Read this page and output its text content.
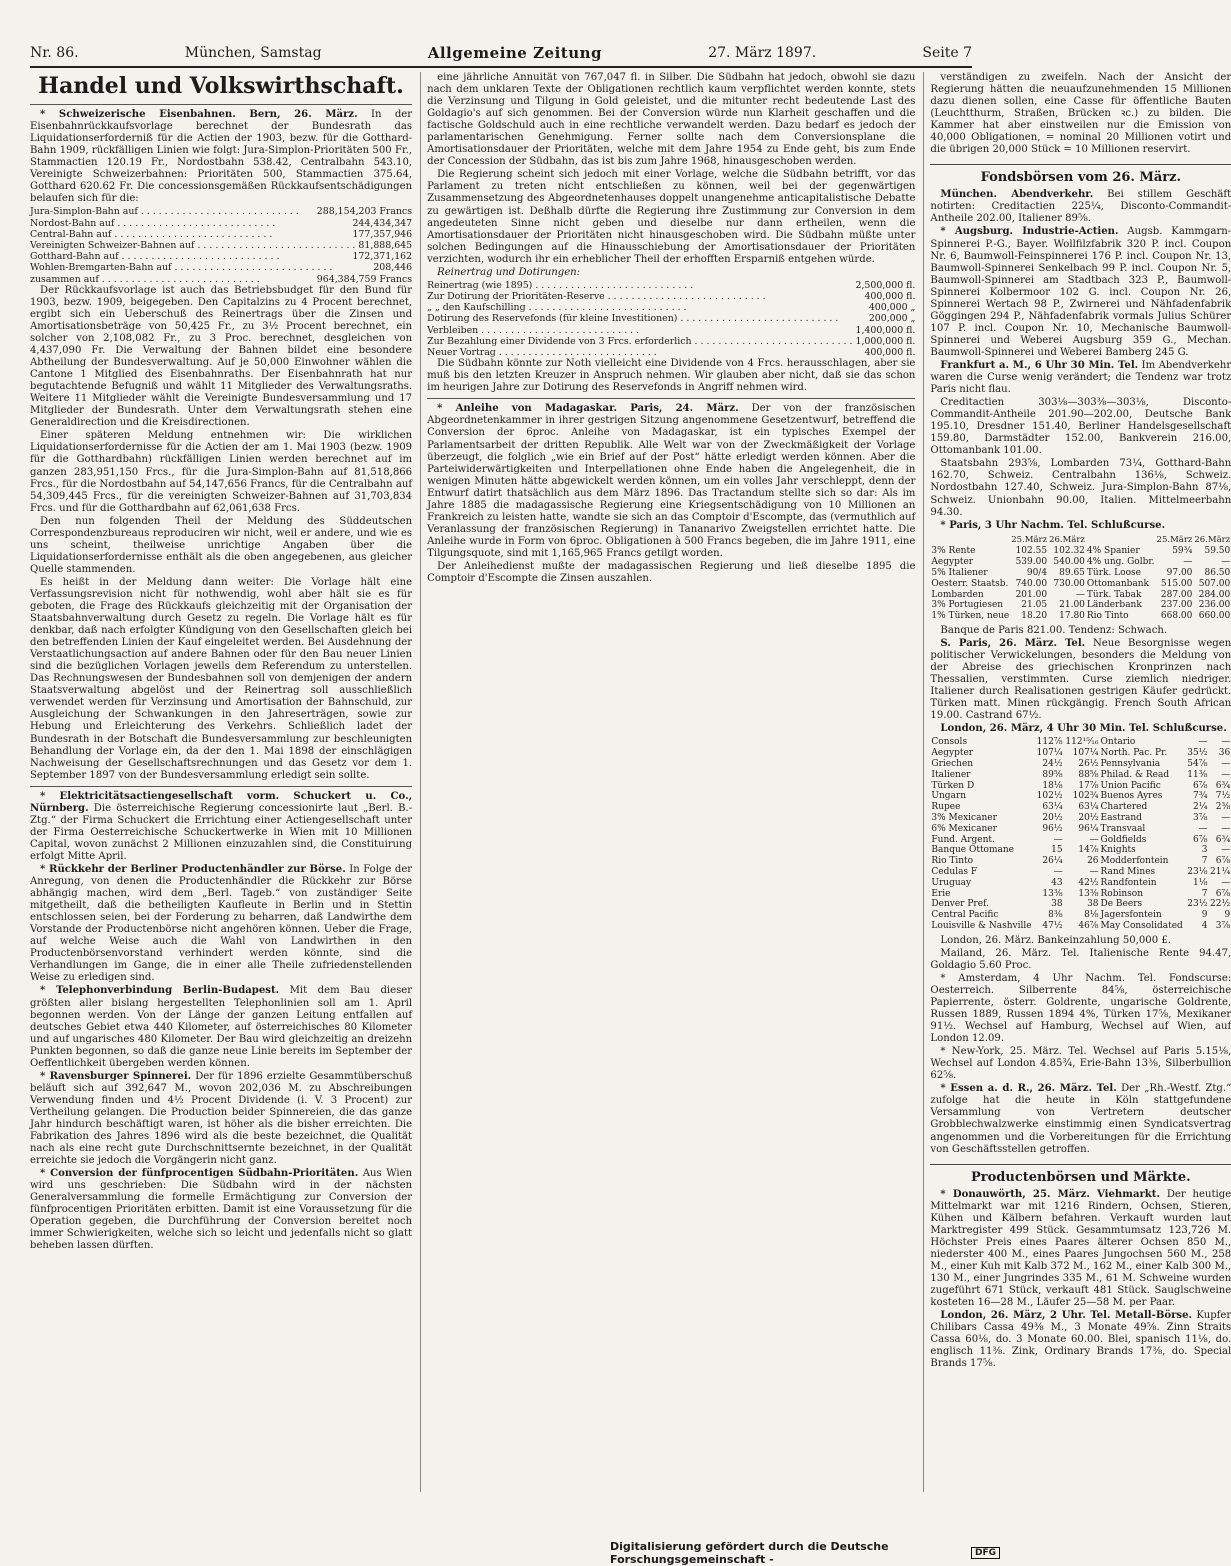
Nr. 86.	München, Samstag	Allgemeine Zeitung	27. März 1897.	Seite 7
Handel und Volkswirthschaft.

* Schweizerische Eisenbahnen. Bern, 26. März. In der Eisenbahnrückkaufsvorlage berechnet der Bundesrath das Liquidationserforderniß für die Actien der 1903, bezw. für die Gotthard-Bahn 1909, rückfälligen Linien wie folgt: Jura-Simplon-Prioritäten 500 Fr., Stammactien 120.19 Fr., Nordostbahn 538.42, Centralbahn 543.10, Vereinigte Schweizerbahnen: Prioritäten 500, Stammactien 375.64, Gotthard 620.62 Fr. Die concessionsgemäßen Rückkaufsentschädigungen belaufen sich für die:

Jura-Simplon-Bahn auf . . . . . . . . . . . . . . . . . . . . . . . . . . .	288,154,203 Francs
Nordost-Bahn auf . . . . . . . . . . . . . . . . . . . . . . . . . . .	244,434,347
Central-Bahn auf . . . . . . . . . . . . . . . . . . . . . . . . . . .	177,357,946
Vereinigten Schweizer-Bahnen auf . . . . . . . . . . . . . . . . . . . . . . . . . . . 81,888,645
Gotthard-Bahn auf . . . . . . . . . . . . . . . . . . . . . . . . . . .	172,371,162
Wohlen-Bremgarten-Bahn auf . . . . . . . . . . . . . . . . . . . . . . . . . . .	208,446
zusammen auf . . . . . . . . . . . . . . . . . . . . . . . . . . .	964,384,759 Francs

Der Rückkaufsvorlage ist auch das Betriebsbudget für den Bund für 1903, bezw. 1909, beigegeben. Den Capitalzins zu 4 Procent berechnet, ergibt sich ein Ueberschuß des Reinertrags über die Zinsen und Amortisationsbeträge von 50,425 Fr., zu 3½ Procent berechnet, ein solcher von 2,108,082 Fr., zu 3 Proc. berechnet, desgleichen von 4,437,090 Fr. Die Verwaltung der Bahnen bildet eine besondere Abtheilung der Bundesverwaltung. Auf je 50,000 Einwohner wählen die Cantone 1 Mitglied des Eisenbahnraths. Der Eisenbahnrath hat nur begutachtende Befugniß und wählt 11 Mitglieder des Verwaltungsraths. Weitere 11 Mitglieder wählt die Vereinigte Bundesversammlung und 17 Mitglieder der Bundesrath. Unter dem Verwaltungsrath stehen eine Generaldirection und die Kreisdirectionen.

Einer späteren Meldung entnehmen wir: Die wirklichen Liquidationserfordernisse für die Actien der am 1. Mai 1903 (bezw. 1909 für die Gotthardbahn) rückfälligen Linien werden berechnet auf im ganzen 283,951,150 Frcs., für die Jura-Simplon-Bahn auf 81,518,866 Frcs., für die Nordostbahn auf 54,147,656 Francs, für die Centralbahn auf 54,309,445 Frcs., für die vereinigten Schweizer-Bahnen auf 31,703,834 Frcs. und für die Gotthardbahn auf 62,061,638 Frcs.

Den nun folgenden Theil der Meldung des Süddeutschen Correspondenzbureaus reproduciren wir nicht, weil er andere, und wie es uns scheint, theilweise unrichtige Angaben über die Liquidationserfordernisse enthält als die oben angegebenen, aus gleicher Quelle stammenden.

Es heißt in der Meldung dann weiter: Die Vorlage hält eine Verfassungsrevision nicht für nothwendig, wohl aber hält sie es für geboten, die Frage des Rückkaufs gleichzeitig mit der Organisation der Staatsbahnverwaltung durch Gesetz zu regeln. Die Vorlage hält es für denkbar, daß nach erfolgter Kündigung von den Gesellschaften gleich bei den betreffenden Linien der Kauf eingeleitet werden. Bei Ausdehnung der Verstaatlichungsaction auf andere Bahnen oder für den Bau neuer Linien sind die bezüglichen Vorlagen jeweils dem Referendum zu unterstellen. Das Rechnungswesen der Bundesbahnen soll von demjenigen der andern Staatsverwaltung abgelöst und der Reinertrag soll ausschließlich verwendet werden für Verzinsung und Amortisation der Bahnschuld, zur Ausgleichung der Schwankungen in den Jahreserträgen, sowie zur Hebung und Erleichterung des Verkehrs. Schließlich ladet der Bundesrath in der Botschaft die Bundesversammlung zur beschleunigten Behandlung der Vorlage ein, da der den 1. Mai 1898 der einschlägigen Nachweisung der Gesellschaftsrechnungen und das Gesetz vor dem 1. September 1897 von der Bundesversammlung erledigt sein sollte.

* Elektricitätsactiengesellschaft vorm. Schuckert u. Co., Nürnberg. Die österreichische Regierung concessionirte laut „Berl. B.-Ztg.“ der Firma Schuckert die Errichtung einer Actiengesellschaft unter der Firma Oesterreichische Schuckertwerke in Wien mit 10 Millionen Capital, wovon zunächst 2 Millionen einzuzahlen sind, die Constituirung erfolgt Mitte April.

* Rückkehr der Berliner Productenhändler zur Börse. In Folge der Anregung, von denen die Productenhändler die Rückkehr zur Börse abhängig machen, wird dem „Berl. Tageb.“ von zuständiger Seite mitgetheilt, daß die betheiligten Kaufleute in Berlin und in Stettin entschlossen seien, bei der Forderung zu beharren, daß Landwirthe dem Vorstande der Productenbörse nicht angehören können. Ueber die Frage, auf welche Weise auch die Wahl von Landwirthen in den Productenbörsenvorstand verhindert werden könnte, sind die Verhandlungen im Gange, die in einer alle Theile zufriedenstellenden Weise zu erledigen sind.

* Telephonverbindung Berlin-Budapest. Mit dem Bau dieser größten aller bislang hergestellten Telephonlinien soll am 1. April begonnen werden. Von der Länge der ganzen Leitung entfallen auf deutsches Gebiet etwa 440 Kilometer, auf österreichisches 80 Kilometer und auf ungarisches 480 Kilometer. Der Bau wird gleichzeitig an dreizehn Punkten begonnen, so daß die ganze neue Linie bereits im September der Oeffentlichkeit übergeben werden können.

* Ravensburger Spinnerei. Der für 1896 erzielte Gesammtüberschuß beläuft sich auf 392,647 M., wovon 202,036 M. zu Abschreibungen Verwendung finden und 4½ Procent Dividende (i. V. 3 Procent) zur Vertheilung gelangen. Die Production beider Spinnereien, die das ganze Jahr hindurch beschäftigt waren, ist höher als die bisher erreichten. Die Fabrikation des Jahres 1896 wird als die beste bezeichnet, die Qualität nach als eine recht gute Durchschnittsernte bezeichnet, in der Qualität erreichte sie jedoch die Vorgängerin nicht ganz.

* Conversion der fünfprocentigen Südbahn-Prioritäten. Aus Wien wird uns geschrieben: Die Südbahn wird in der nächsten Generalversammlung die formelle Ermächtigung zur Conversion der fünfprocentigen Prioritäten erbitten. Damit ist eine Voraussetzung für die Operation gegeben, die Durchführung der Conversion bereitet noch immer Schwierigkeiten, welche sich so leicht und jedenfalls nicht so glatt beheben lassen dürften.

eine jährliche Annuität von 767,047 fl. in Silber. Die Südbahn hat jedoch, obwohl sie dazu nach dem unklaren Texte der Obligationen rechtlich kaum verpflichtet werden konnte, stets die Verzinsung und Tilgung in Gold geleistet, und die mitunter recht bedeutende Last des Goldagio's auf sich genommen. Bei der Conversion würde nun Klarheit geschaffen und die factische Goldschuld auch in eine rechtliche verwandelt werden. Dazu bedarf es jedoch der parlamentarischen Genehmigung. Ferner sollte nach dem Conversionsplane die Amortisationsdauer der Prioritäten, welche mit dem Jahre 1954 zu Ende geht, bis zum Ende der Concession der Südbahn, das ist bis zum Jahre 1968, hinausgeschoben werden.

Die Regierung scheint sich jedoch mit einer Vorlage, welche die Südbahn betrifft, vor das Parlament zu treten nicht entschließen zu können, weil bei der gegenwärtigen Zusammensetzung des Abgeordnetenhauses doppelt unangenehme anticapitalistische Debatte zu gewärtigen ist. Deßhalb dürfte die Regierung ihre Zustimmung zur Conversion in dem angedeuteten Sinne nicht geben und dieselbe nur dann ertheilen, wenn die Amortisationsdauer der Prioritäten nicht hinausgeschoben wird. Die Südbahn müßte unter solchen Bedingungen auf die Hinausschiebung der Amortisationsdauer der Prioritäten verzichten, wodurch ihr ein erheblicher Theil der erhofften Ersparniß entgehen würde.

Reinertrag und Dotirungen:

Reinertrag (wie 1895) . . . . . . . . . . . . . . . . . . . . . . . . . . .	2,500,000 fl.
Zur Dotirung der Prioritäten-Reserve . . . . . . . . . . . . . . . . . . . . . . . . . . .	400,000 fl.
„ „ den Kaufschilling . . . . . . . . . . . . . . . . . . . . . . . . . . .	400,000 „
Dotirung des Reservefonds (für kleine Investitionen) . . . . . . . . . . . . . . . . . . . . . . . . . . .	200,000 „
Verbleiben . . . . . . . . . . . . . . . . . . . . . . . . . . .	1,400,000 fl.
Zur Bezahlung einer Dividende von 3 Frcs. erforderlich . . . . . . . . . . . . . . . . . . . . . . . . . . . 1,000,000 fl.
Neuer Vortrag . . . . . . . . . . . . . . . . . . . . . . . . . . .	400,000 fl.

Die Südbahn könnte zur Noth vielleicht eine Dividende von 4 Frcs. herausschlagen, aber sie muß bis den letzten Kreuzer in Anspruch nehmen. Wir glauben aber nicht, daß sie das schon im heurigen Jahre zur Dotirung des Reservefonds in Angriff nehmen wird.

* Anleihe von Madagaskar. Paris, 24. März. Der von der französischen Abgeordnetenkammer in ihrer gestrigen Sitzung angenommene Gesetzentwurf, betreffend die Conversion der 6proc. Anleihe von Madagaskar, ist ein typisches Exempel der Parlamentsarbeit der dritten Republik. Alle Welt war von der Zweckmäßigkeit der Vorlage überzeugt, die folglich „wie ein Brief auf der Post“ hätte erledigt werden können. Aber die Parteiwiderwärtigkeiten und Interpellationen ohne Ende haben die Angelegenheit, die in wenigen Minuten hätte abgewickelt werden können, um ein volles Jahr verschleppt, denn der Entwurf datirt thatsächlich aus dem März 1896. Das Tractandum stellte sich so dar: Als im Jahre 1885 die madagassische Regierung eine Kriegsentschädigung von 10 Millionen an Frankreich zu leisten hatte, wandte sie sich an das Comptoir d'Escompte, das (vermuthlich auf Veranlassung der französischen Regierung) in Tananarivo Zweigstellen errichtet hatte. Die Anleihe wurde in Form von 6proc. Obligationen à 500 Francs begeben, die im Jahre 1911, eine Tilgungsquote, sind mit 1,165,965 Francs getilgt worden.

Der Anleihedienst mußte der madagassischen Regierung und ließ dieselbe 1895 die Comptoir d'Escompte die Zinsen auszahlen.

verständigen zu zweifeln. Nach der Ansicht der Regierung hätten die neuaufzunehmenden 15 Millionen dazu dienen sollen, eine Casse für öffentliche Bauten (Leuchtthurm, Straßen, Brücken ꝛc.) zu bilden. Die Kammer hat aber einstweilen nur die Emission von 40,000 Obligationen, = nominal 20 Millionen votirt und die übrigen 20,000 Stück = 10 Millionen reservirt.

Fondsbörsen vom 26. März.

München. Abendverkehr. Bei stillem Geschäft notirten: Creditactien 225¼, Disconto-Commandit-Antheile 202.00, Italiener 89⅝.

* Augsburg. Industrie-Actien. Augsb. Kammgarn-Spinnerei P.-G., Bayer. Wollfilzfabrik 320 P. incl. Coupon Nr. 6, Baumwoll-Feinspinnerei 176 P. incl. Coupon Nr. 13, Baumwoll-Spinnerei Senkelbach 99 P. incl. Coupon Nr. 5, Baumwoll-Spinnerei am Stadtbach 323 P., Baumwoll-Spinnerei Kolbermoor 102 G. incl. Coupon Nr. 26, Spinnerei Wertach 98 P., Zwirnerei und Nähfadenfabrik Göggingen 294 P., Nähfadenfabrik vormals Julius Schürer 107 P. incl. Coupon Nr. 10, Mechanische Baumwoll-Spinnerei und Weberei Augsburg 359 G., Mechan. Baumwoll-Spinnerei und Weberei Bamberg 245 G.

Frankfurt a. M., 6 Uhr 30 Min. Tel. Im Abendverkehr waren die Curse wenig verändert; die Tendenz war trotz Paris nicht flau.

Creditactien 303⅛—303⅜—303⅛, Disconto-Commandit-Antheile 201.90—202.00, Deutsche Bank 195.10, Dresdner 151.40, Berliner Handelsgesellschaft 159.80, Darmstädter 152.00, Bankverein 216.00, Ottomanbank 101.00.

Staatsbahn 293⅝, Lombarden 73¼, Gotthard-Bahn 162.70, Schweiz. Centralbahn 136⅛, Schweiz. Nordostbahn 127.40, Schweiz. Jura-Simplon-Bahn 87⅛, Schweiz. Unionbahn 90.00, Italien. Mittelmeerbahn 94.30.

* Paris, 3 Uhr Nachm. Tel. Schlußcurse.

	25.März	26.März		25.März	26.März
3% Rente	102.55	102.32	4% Spanier	59¾	59.50
Aegypter	539.00	540.00	4% ung. Golbr.	—	—
5% Italiener	90/4	89.65	Türk. Loose	97.00	86.50
Oesterr. Staatsb.	740.00	730.00	Ottomanbank	515.00	507.00
Lombarden	201.00	—	Türk. Tabak	287.00	284.00
3% Portugiesen	21.05	21.00	Länderbank	237.00	236.00
1% Türken, neue	18.20	17.80	Rio Tinto	668.00	660.00

Banque de Paris 821.00. Tendenz: Schwach.

S. Paris, 26. März. Tel. Neue Besorgnisse wegen politischer Verwickelungen, besonders die Meldung von der Abreise des griechischen Kronprinzen nach Thessalien, verstimmten. Curse ziemlich niedriger. Italiener durch Realisationen gestrigen Käufer gedrückt. Türken matt. Minen rückgängig. French South African 19.00. Castrand 67½.

London, 26. März, 4 Uhr 30 Min. Tel. Schlußcurse.

Consols	112⅞	112¹⁵⁄₁₆	Ontario	—	—
Aegypter	107¼	107¼	North. Pac. Pr.	35½	36
Griechen	24½	26½	Pennsylvania	54⅞	—
Italiener	89⅝	88⅝	Philad. & Read	11⅜	—
Türken D	18⅛	17⅞	Union Pacific	6⅞	6¾
Ungarn	102½	102¾	Buenos Ayres	7¾	7½
Rupee	63¼	63¼	Chartered	2¼	2⅜
3% Mexicaner	20½	20½	Eastrand	3⅞	—
6% Mexicaner	96½	96¼	Transvaal	—	—
Fund. Argent.	—	—	Goldfields	6⅞	6¾
Banque Ottomane	15	14⅞	Knights	3	—
Rio Tinto	26¼	26	Modderfontein	7	6⅞
Cedulas F	—	—	Rand Mines	23⅛	21¼
Uruguay	43	42½	Randfontein	1⅛	—
Erie	13⅜	13⅜	Robinson	7	6⅞
Denver Pref.	38	38	De Beers	23½	22½
Central Pacific	8⅜	8⅛	Jagersfontein	9	9
Louisville & Nashville	47½	46⅞	May Consolidated	4	3⅞

London, 26. März. Bankeinzahlung 50,000 £.

Mailand, 26. März. Tel. Italienische Rente 94.47, Goldagio 5.60 Proc.

* Amsterdam, 4 Uhr Nachm. Tel. Fondscurse: Oesterreich. Silberrente 84⅝, österreichische Papierrente, österr. Goldrente, ungarische Goldrente, Russen 1889, Russen 1894 4%, Türken 17⅝, Mexikaner 91½. Wechsel auf Hamburg, Wechsel auf Wien, auf London 12.09.

* New-York, 25. März. Tel. Wechsel auf Paris 5.15⅛, Wechsel auf London 4.85¾, Erie-Bahn 13⅜, Silberbullion 62⅝.

* Essen a. d. R., 26. März. Tel. Der „Rh.-Westf. Ztg.“ zufolge hat die heute in Köln stattgefundene Versammlung von Vertretern deutscher Grobblechwalzwerke einstimmig einen Syndicatsvertrag angenommen und die Vorbereitungen für die Errichtung von Geschäftsstellen getroffen.

Productenbörsen und Märkte.

* Donauwörth, 25. März. Viehmarkt. Der heutige Mittelmarkt war mit 1216 Rindern, Ochsen, Stieren, Kühen und Kälbern befahren. Verkauft wurden laut Marktregister 499 Stück. Gesammtumsatz 123,726 M. Höchster Preis eines Paares älterer Ochsen 850 M., niederster 400 M., eines Paares Jungochsen 560 M., 258 M., einer Kuh mit Kalb 372 M., 162 M., einer Kalb 300 M., 130 M., einer Jungrindes 335 M., 61 M. Schweine wurden zugeführt 671 Stück, verkauft 481 Stück. Sauglschweine kosteten 16—28 M., Läufer 25—58 M. per Paar.

London, 26. März, 2 Uhr. Tel. Metall-Börse. Kupfer Chilibars Cassa 49⅜ M., 3 Monate 49⅝. Zinn Straits Cassa 60⅛, do. 3 Monate 60.00. Blei, spanisch 11⅛, do. englisch 11⅜. Zink, Ordinary Brands 17⅜, do. Special Brands 17⅝.

Digitalisierung gefördert durch die Deutsche Forschungsgemeinschaft -	DFG
